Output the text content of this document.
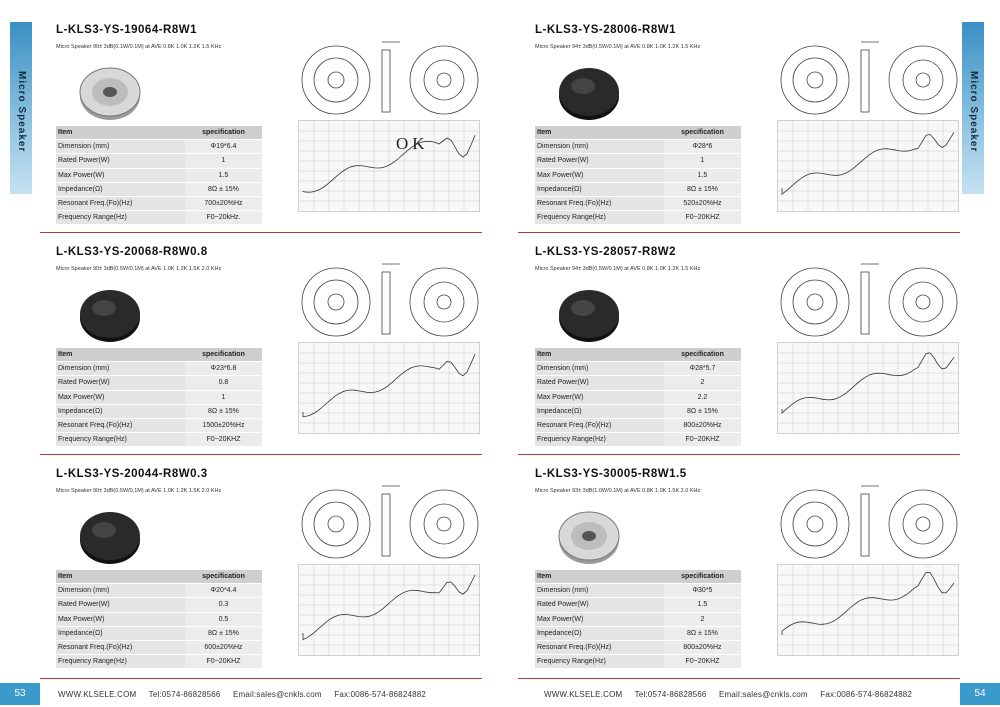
Micro Speaker	Micro Speaker
L-KLS3-YS-19064-R8W1
Micro Speaker 90± 3dB(0.1W/0.1M) at AVE 0.8K 1.0K 1.2K 1.5 KHz
Item	specification
Dimension (mm)	Φ19*6.4
Rated Power(W)	1
Max Power(W)	1.5
Impedance(Ω)	8Ω ± 15%
Resonant Freq.(Fo)(Hz)	700±20%Hz
Frequency Range(Hz)	F0~20kHz.
OK
L-KLS3-YS-20068-R8W0.8
Micro Speaker 90± 3dB(0.5W/0.1M) at AVE 1.0K 1.2K 1.5K 2.0 KHz
Item	specification
Dimension (mm)	Φ23*6.8
Rated Power(W)	0.8
Max Power(W)	1
Impedance(Ω)	8Ω ± 15%
Resonant Freq.(Fo)(Hz)	1500±20%Hz
Frequency Range(Hz)	F0~20KHZ
L-KLS3-YS-20044-R8W0.3
Micro Speaker 90± 3dB(0.5W/0.1M) at AVE 1.0K 1.2K 1.5K 2.0 KHz
Item	specification
Dimension (mm)	Φ20*4.4
Rated Power(W)	0.3
Max Power(W)	0.5
Impedance(Ω)	8Ω ± 15%
Resonant Freq.(Fo)(Hz)	600±20%Hz
Frequency Range(Hz)	F0~20KHZ
L-KLS3-YS-28006-R8W1
Micro Speaker 94± 3dB(0.5W/0.1M) at AVE 0.8K 1.0K 1.2K 1.5 KHz
Item	specification
Dimension (mm)	Φ28*6
Rated Power(W)	1
Max Power(W)	1.5
Impedance(Ω)	8Ω ± 15%
Resonant Freq.(Fo)(Hz)	520±20%Hz
Frequency Range(Hz)	F0~20KHZ
L-KLS3-YS-28057-R8W2
Micro Speaker 94± 3dB(0.5W/0.1M) at AVE 0.8K 1.0K 1.2K 1.5 KHz
Item	specification
Dimension (mm)	Φ28*5.7
Rated Power(W)	2
Max Power(W)	2.2
Impedance(Ω)	8Ω ± 15%
Resonant Freq.(Fo)(Hz)	800±20%Hz
Frequency Range(Hz)	F0~20KHZ
L-KLS3-YS-30005-R8W1.5
Micro Speaker 93± 3dB(1.0W/0.1M) at AVE 0.8K 1.0K 1.5K 2.0 KHz
Item	specification
Dimension (mm)	Φ30*5
Rated Power(W)	1.5
Max Power(W)	2
Impedance(Ω)	8Ω ± 15%
Resonant Freq.(Fo)(Hz)	800±20%Hz
Frequency Range(Hz)	F0~20KHZ
53	54
WWW.KLSELE.COM Tel:0574-86828566 Email:sales@cnkls.com Fax:0086-574-86824882	WWW.KLSELE.COM Tel:0574-86828566 Email:sales@cnkls.com Fax:0086-574-86824882
